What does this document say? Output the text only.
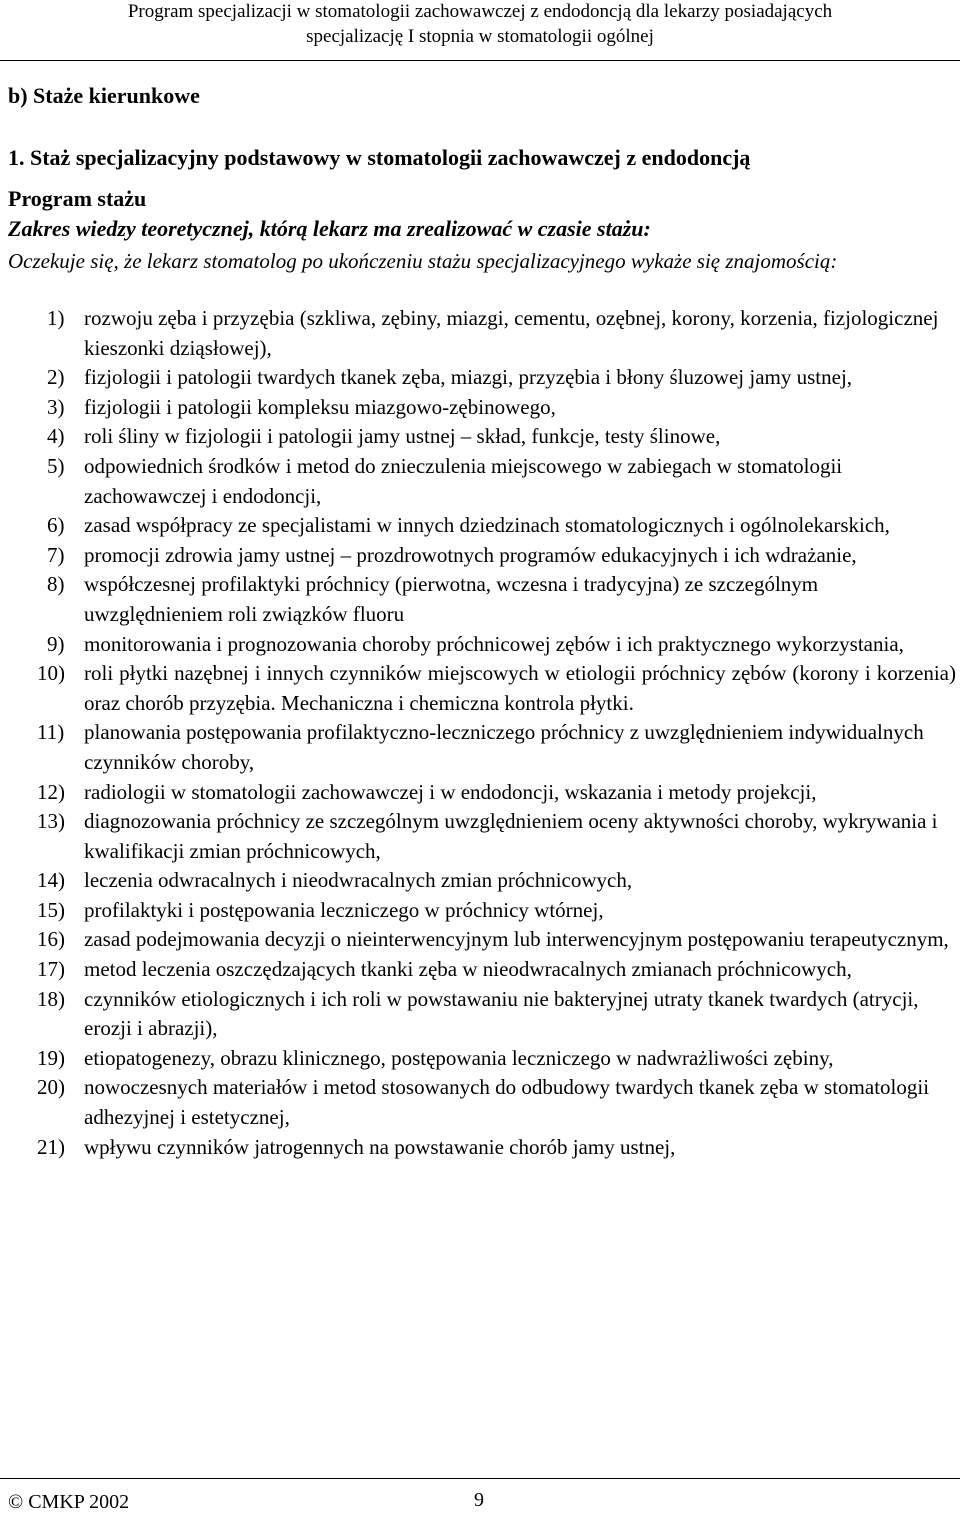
Program specjalizacji w stomatologii zachowawczej z endodoncją dla lekarzy posiadających
specjalizację I stopnia w stomatologii ogólnej
b) Staże kierunkowe
1. Staż specjalizacyjny podstawowy w stomatologii zachowawczej z endodoncją
Program stażu
Zakres wiedzy teoretycznej, którą lekarz ma zrealizować w czasie stażu:
Oczekuje się, że lekarz stomatolog po ukończeniu stażu specjalizacyjnego wykaże się znajomością:
1) rozwoju zęba i przyzębia (szkliwa, zębiny, miazgi, cementu, ozębnej, korony, korzenia, fizjologicznej kieszonki dziąsłowej),
2) fizjologii i patologii twardych tkanek zęba, miazgi, przyzębia i błony śluzowej jamy ustnej,
3) fizjologii i patologii kompleksu miazgowo-zębinowego,
4) roli śliny w fizjologii i patologii jamy ustnej – skład, funkcje, testy ślinowe,
5) odpowiednich środków i metod do znieczulenia miejscowego w zabiegach w stomatologii zachowawczej i endodoncji,
6) zasad współpracy ze specjalistami w innych dziedzinach stomatologicznych i ogólnolekarskich,
7) promocji zdrowia jamy ustnej – prozdrowotnych programów edukacyjnych i ich wdrażanie,
8) współczesnej profilaktyki próchnicy (pierwotna, wczesna i tradycyjna) ze szczególnym uwzględnieniem roli związków fluoru
9) monitorowania i prognozowania choroby próchnicowej zębów i ich praktycznego wykorzystania,
10) roli płytki nazębnej i innych czynników miejscowych w etiologii próchnicy zębów (korony i korzenia) oraz chorób przyzębia. Mechaniczna i chemiczna kontrola płytki.
11) planowania postępowania profilaktyczno-leczniczego próchnicy z uwzględnieniem indywidualnych czynników choroby,
12) radiologii w stomatologii zachowawczej i w endodoncji, wskazania i metody projekcji,
13) diagnozowania próchnicy ze szczególnym uwzględnieniem oceny aktywności choroby, wykrywania i kwalifikacji zmian próchnicowych,
14) leczenia odwracalnych i nieodwracalnych zmian próchnicowych,
15) profilaktyki i postępowania leczniczego w próchnicy wtórnej,
16) zasad podejmowania decyzji o nieinterwencyjnym lub interwencyjnym postępowaniu terapeutycznym,
17) metod leczenia oszczędzających tkanki zęba w nieodwracalnych zmianach próchnicowych,
18) czynników etiologicznych i ich roli w powstawaniu nie bakteryjnej utraty tkanek twardych (atrycji, erozji i abrazji),
19) etiopatogenezy, obrazu klinicznego, postępowania leczniczego w nadwrażliwości zębiny,
20) nowoczesnych materiałów i metod stosowanych do odbudowy twardych tkanek zęba w stomatologii adhezyjnej i estetycznej,
21) wpływu czynników jatrogennych na powstawanie chorób jamy ustnej,
© CMKP 2002	9
